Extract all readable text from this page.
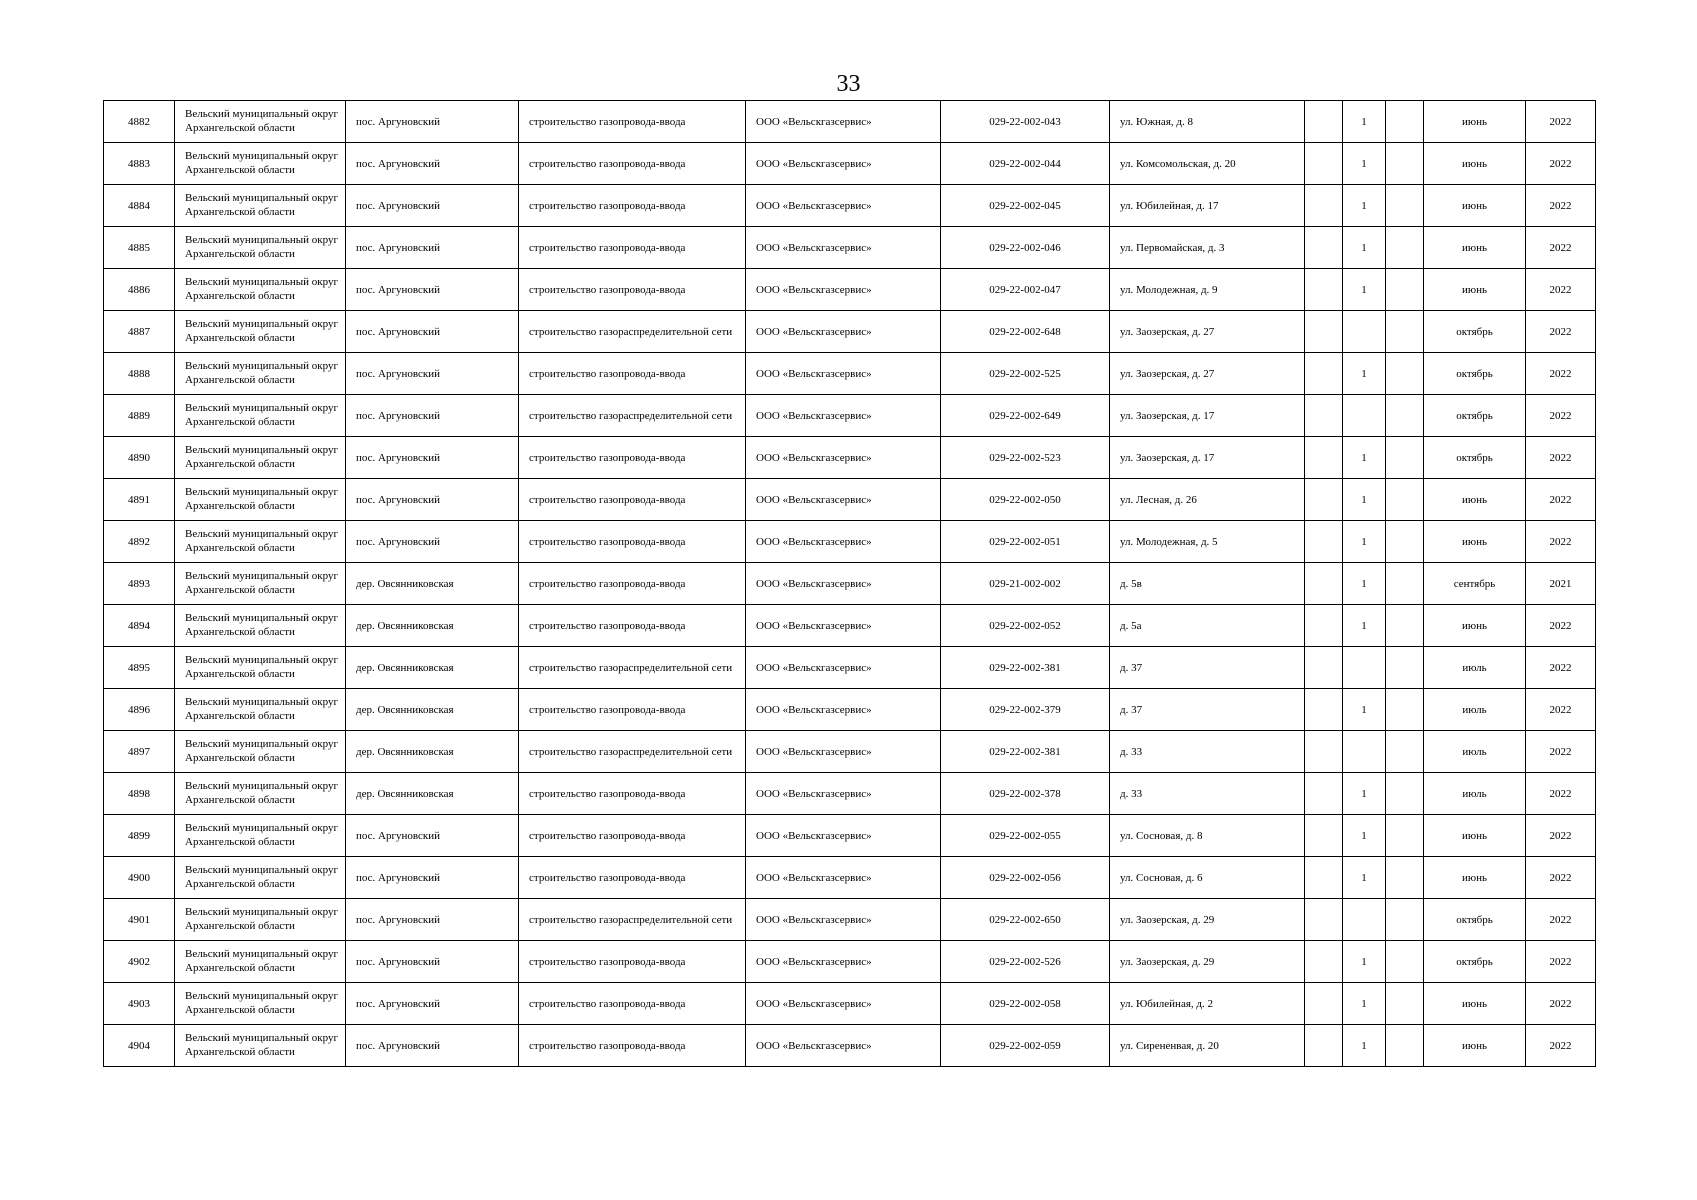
33
4882	Вельский муниципальный округ Архангельской области	пос. Аргуновский	строительство газопровода-ввода	ООО «Вельскгазсервис»	029-22-002-043	ул. Южная, д. 8		1		июнь	2022
4883	Вельский муниципальный округ Архангельской области	пос. Аргуновский	строительство газопровода-ввода	ООО «Вельскгазсервис»	029-22-002-044	ул. Комсомольская, д. 20		1		июнь	2022
4884	Вельский муниципальный округ Архангельской области	пос. Аргуновский	строительство газопровода-ввода	ООО «Вельскгазсервис»	029-22-002-045	ул. Юбилейная, д. 17		1		июнь	2022
4885	Вельский муниципальный округ Архангельской области	пос. Аргуновский	строительство газопровода-ввода	ООО «Вельскгазсервис»	029-22-002-046	ул. Первомайская, д. 3		1		июнь	2022
4886	Вельский муниципальный округ Архангельской области	пос. Аргуновский	строительство газопровода-ввода	ООО «Вельскгазсервис»	029-22-002-047	ул. Молодежная, д. 9		1		июнь	2022
4887	Вельский муниципальный округ Архангельской области	пос. Аргуновский	строительство газораспределительной сети	ООО «Вельскгазсервис»	029-22-002-648	ул. Заозерская, д. 27				октябрь	2022
4888	Вельский муниципальный округ Архангельской области	пос. Аргуновский	строительство газопровода-ввода	ООО «Вельскгазсервис»	029-22-002-525	ул. Заозерская, д. 27		1		октябрь	2022
4889	Вельский муниципальный округ Архангельской области	пос. Аргуновский	строительство газораспределительной сети	ООО «Вельскгазсервис»	029-22-002-649	ул. Заозерская, д. 17				октябрь	2022
4890	Вельский муниципальный округ Архангельской области	пос. Аргуновский	строительство газопровода-ввода	ООО «Вельскгазсервис»	029-22-002-523	ул. Заозерская, д. 17		1		октябрь	2022
4891	Вельский муниципальный округ Архангельской области	пос. Аргуновский	строительство газопровода-ввода	ООО «Вельскгазсервис»	029-22-002-050	ул. Лесная, д. 26		1		июнь	2022
4892	Вельский муниципальный округ Архангельской области	пос. Аргуновский	строительство газопровода-ввода	ООО «Вельскгазсервис»	029-22-002-051	ул. Молодежная, д. 5		1		июнь	2022
4893	Вельский муниципальный округ Архангельской области	дер. Овсянниковская	строительство газопровода-ввода	ООО «Вельскгазсервис»	029-21-002-002	д. 5в		1		сентябрь	2021
4894	Вельский муниципальный округ Архангельской области	дер. Овсянниковская	строительство газопровода-ввода	ООО «Вельскгазсервис»	029-22-002-052	д. 5а		1		июнь	2022
4895	Вельский муниципальный округ Архангельской области	дер. Овсянниковская	строительство газораспределительной сети	ООО «Вельскгазсервис»	029-22-002-381	д. 37				июль	2022
4896	Вельский муниципальный округ Архангельской области	дер. Овсянниковская	строительство газопровода-ввода	ООО «Вельскгазсервис»	029-22-002-379	д. 37		1		июль	2022
4897	Вельский муниципальный округ Архангельской области	дер. Овсянниковская	строительство газораспределительной сети	ООО «Вельскгазсервис»	029-22-002-381	д. 33				июль	2022
4898	Вельский муниципальный округ Архангельской области	дер. Овсянниковская	строительство газопровода-ввода	ООО «Вельскгазсервис»	029-22-002-378	д. 33		1		июль	2022
4899	Вельский муниципальный округ Архангельской области	пос. Аргуновский	строительство газопровода-ввода	ООО «Вельскгазсервис»	029-22-002-055	ул. Сосновая, д. 8		1		июнь	2022
4900	Вельский муниципальный округ Архангельской области	пос. Аргуновский	строительство газопровода-ввода	ООО «Вельскгазсервис»	029-22-002-056	ул. Сосновая, д. 6		1		июнь	2022
4901	Вельский муниципальный округ Архангельской области	пос. Аргуновский	строительство газораспределительной сети	ООО «Вельскгазсервис»	029-22-002-650	ул. Заозерская, д. 29				октябрь	2022
4902	Вельский муниципальный округ Архангельской области	пос. Аргуновский	строительство газопровода-ввода	ООО «Вельскгазсервис»	029-22-002-526	ул. Заозерская, д. 29		1		октябрь	2022
4903	Вельский муниципальный округ Архангельской области	пос. Аргуновский	строительство газопровода-ввода	ООО «Вельскгазсервис»	029-22-002-058	ул. Юбилейная, д. 2		1		июнь	2022
4904	Вельский муниципальный округ Архангельской области	пос. Аргуновский	строительство газопровода-ввода	ООО «Вельскгазсервис»	029-22-002-059	ул. Сирененвая, д. 20		1		июнь	2022
